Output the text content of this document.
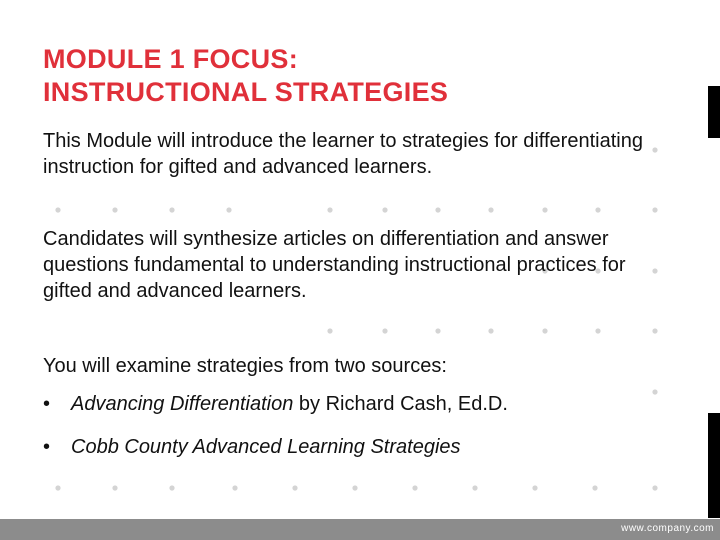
MODULE 1 FOCUS:
INSTRUCTIONAL STRATEGIES

This Module will introduce the learner to strategies for differentiating instruction for gifted and advanced learners.

Candidates will synthesize articles on differentiation and answer questions fundamental to understanding instructional practices for gifted and advanced learners.

You will examine strategies from two sources:

• Advancing Differentiation by Richard Cash, Ed.D.
• Cobb County Advanced Learning Strategies
www.company.com
